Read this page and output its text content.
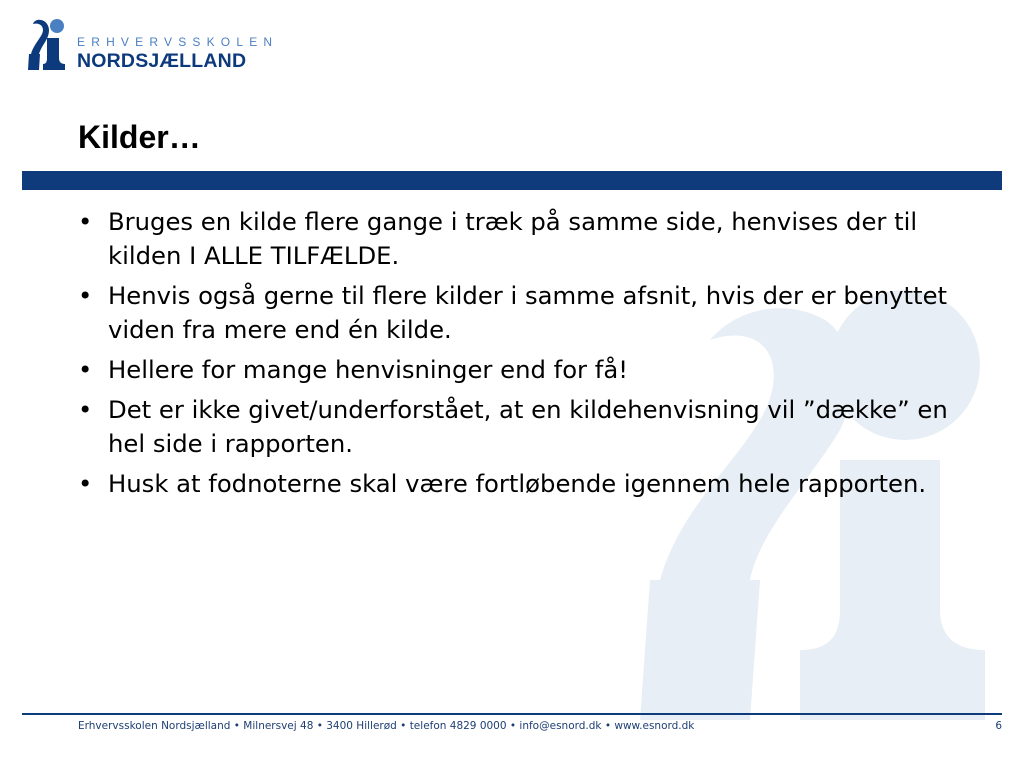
ERHVERVSSKOLEN
NORDSJÆLLAND
Kilder…
• Bruges en kilde flere gange i træk på samme side, henvises der til kilden I ALLE TILFÆLDE.
• Henvis også gerne til flere kilder i samme afsnit, hvis der er benyttet viden fra mere end én kilde.
• Hellere for mange henvisninger end for få!
• Det er ikke givet/underforstået, at en kildehenvisning vil ”dække” en hel side i rapporten.
• Husk at fodnoterne skal være fortløbende igennem hele rapporten.
Erhvervsskolen Nordsjælland • Milnersvej 48 • 3400 Hillerød • telefon 4829 0000 • info@esnord.dk • www.esnord.dk	6
